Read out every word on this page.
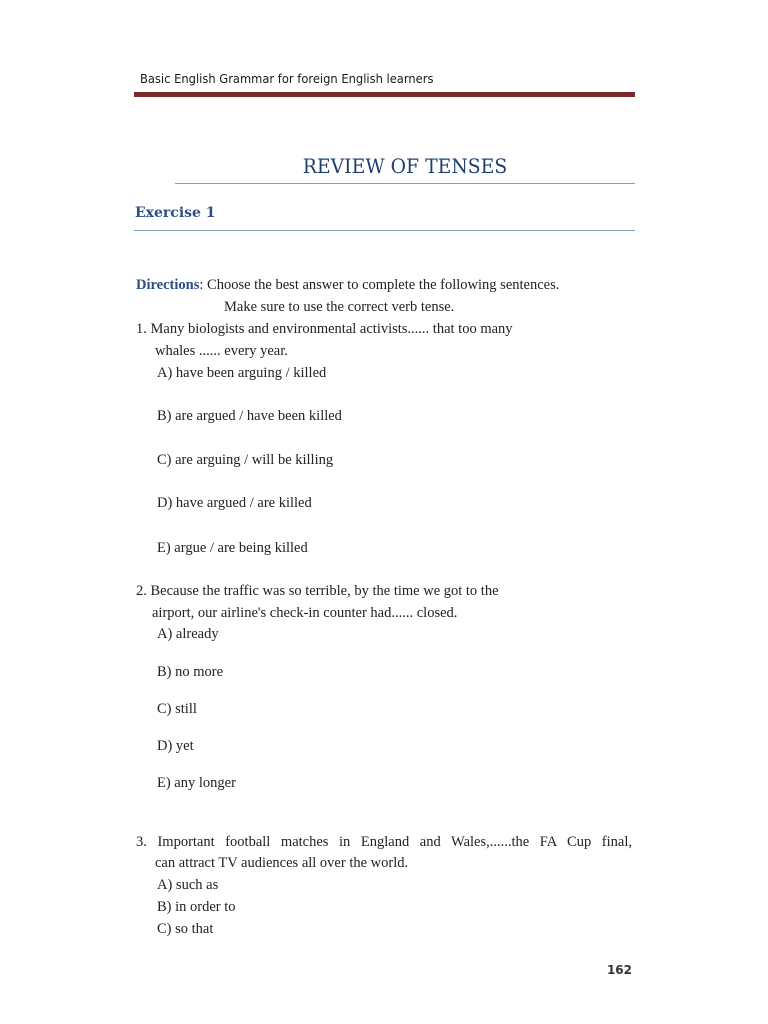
Basic English Grammar for foreign English learners
REVIEW OF TENSES
Exercise 1
Directions: Choose the best answer to complete the following sentences.
Make sure to use the correct verb tense.
1. Many biologists and environmental activists...... that too many
whales ...... every year.
A) have been arguing / killed
B) are argued / have been killed
C) are arguing / will be killing
D) have argued / are killed
E) argue / are being killed
2. Because the traffic was so terrible, by the time we got to the
airport, our airline's check-in counter had...... closed.
A) already
B) no more
C) still
D) yet
E) any longer
3. Important football matches in England and Wales,......the FA Cup final,
can attract TV audiences all over the world.
A) such as
B) in order to
C) so that
162
